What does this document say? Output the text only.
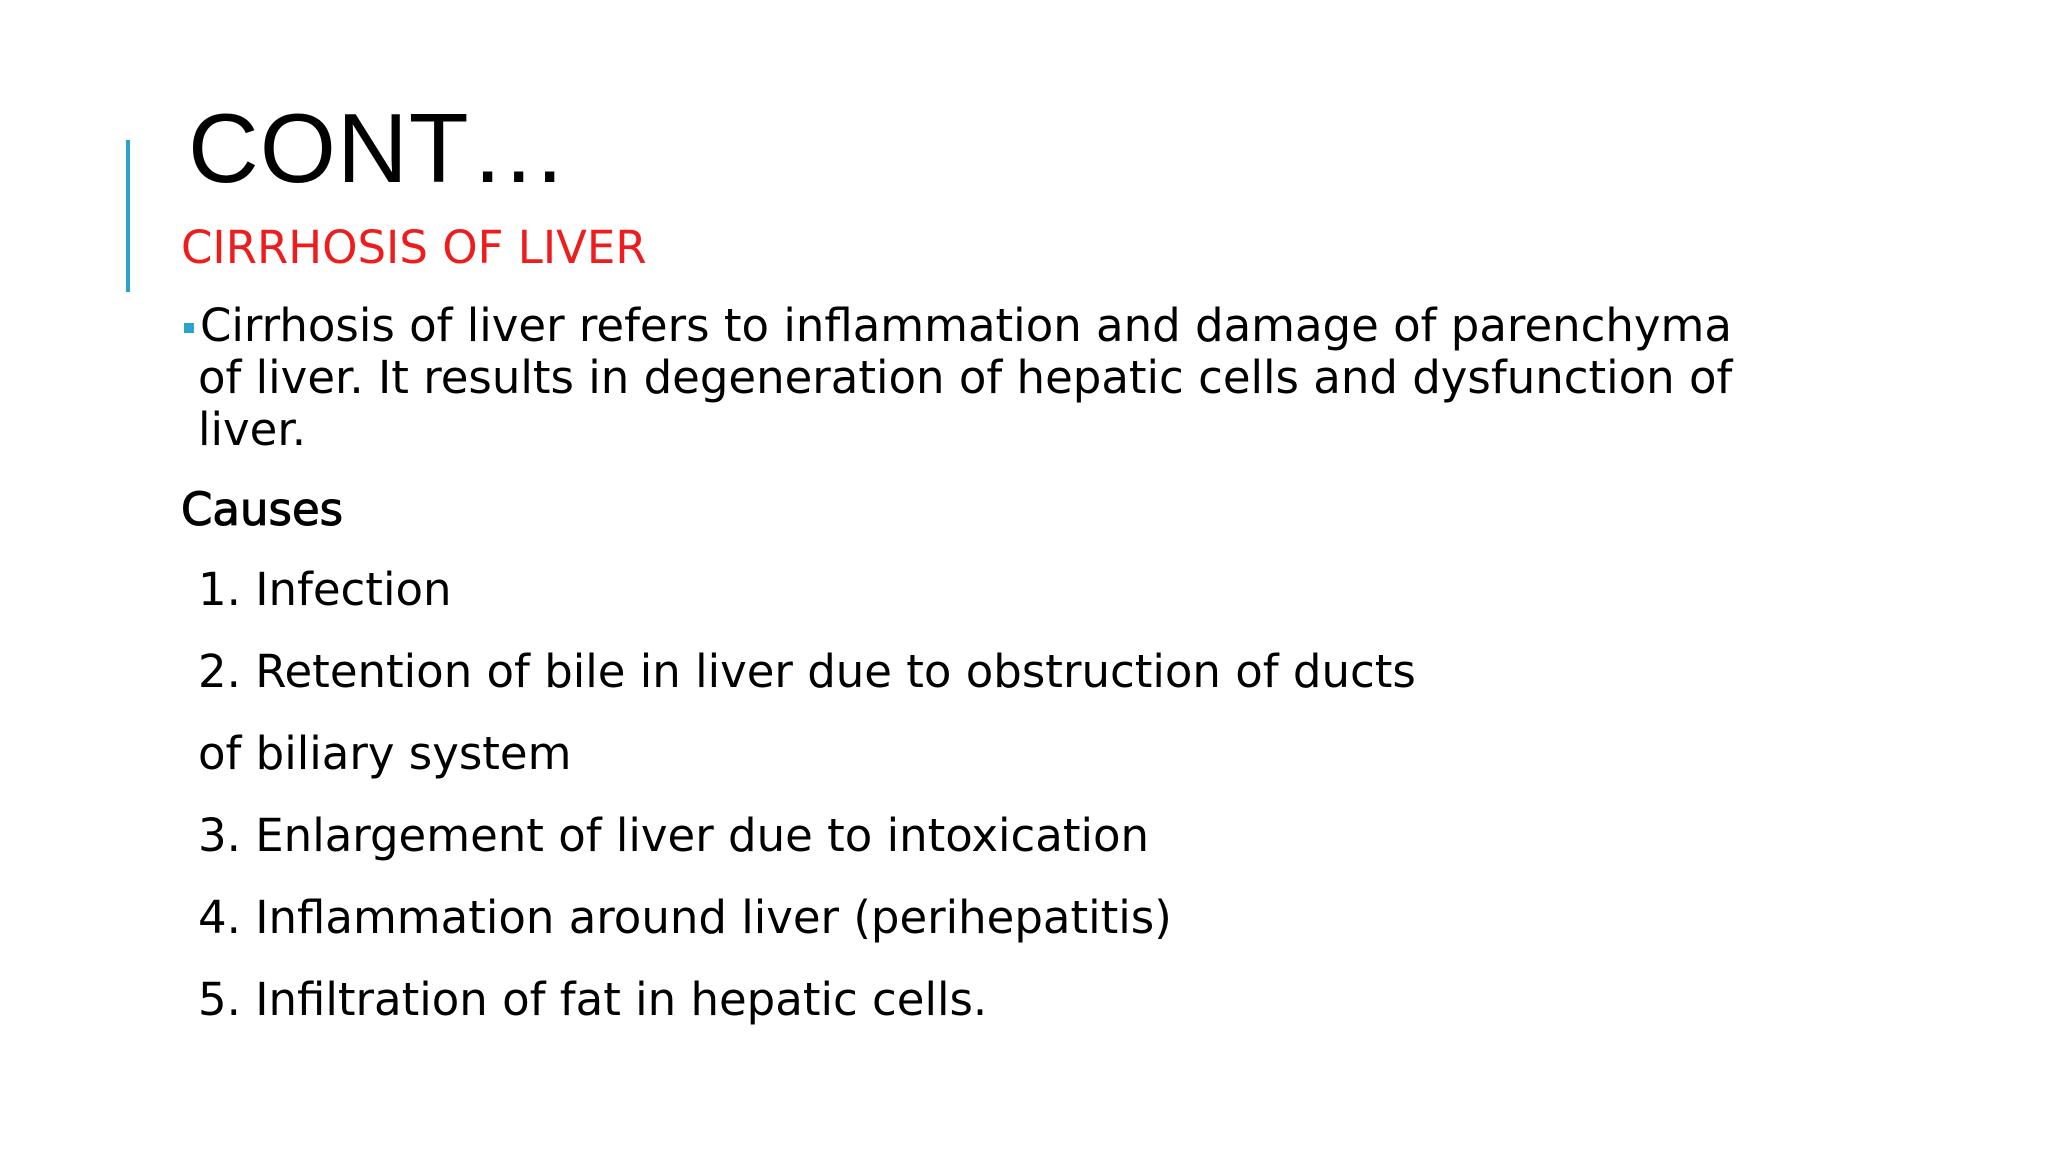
CONT…
CIRRHOSIS OF LIVER
Cirrhosis of liver refers to inflammation and damage of parenchyma
of liver. It results in degeneration of hepatic cells and dysfunction of
liver.
Causes
1. Infection
2. Retention of bile in liver due to obstruction of ducts
of biliary system
3. Enlargement of liver due to intoxication
4. Inflammation around liver (perihepatitis)
5. Infiltration of fat in hepatic cells.
